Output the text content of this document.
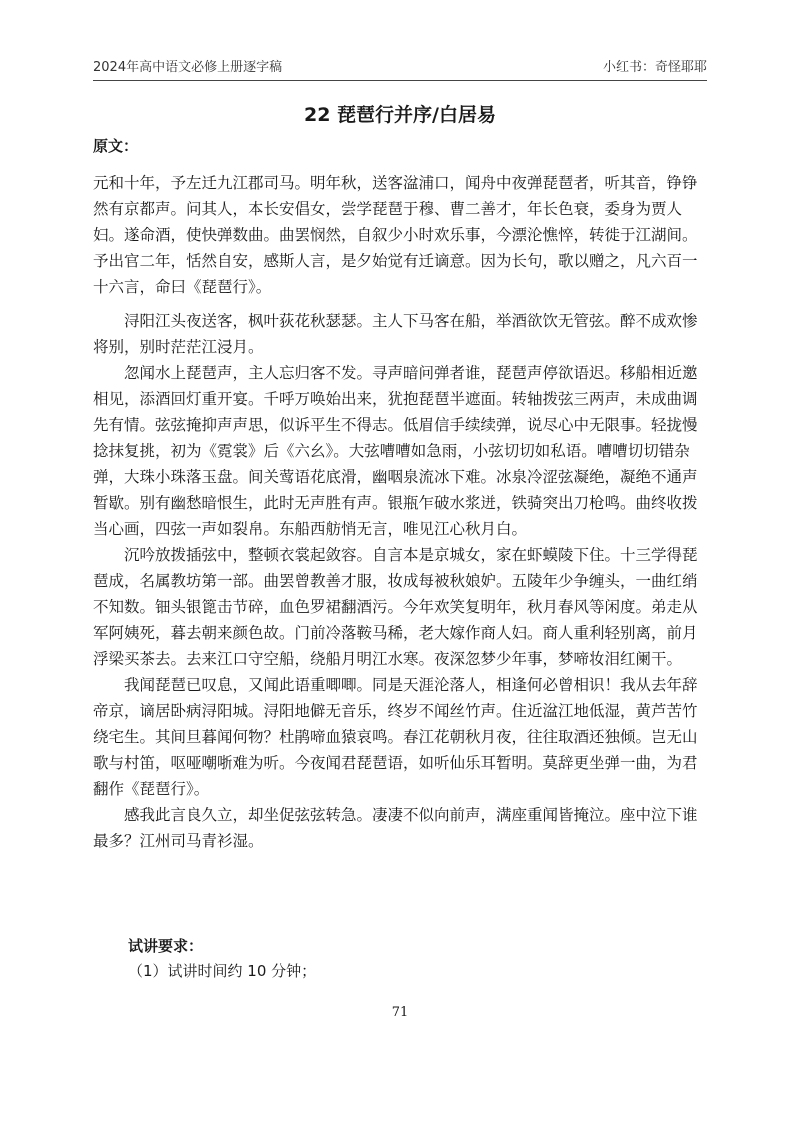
2024年高中语文必修上册逐字稿	小红书：奇怪耶耶
22 琵琶行并序/白居易
原文：
元和十年，予左迁九江郡司马。明年秋，送客湓浦口，闻舟中夜弹琵琶者，听其音，铮铮然有京都声。问其人，本长安倡女，尝学琵琶于穆、曹二善才，年长色衰，委身为贾人妇。遂命酒，使快弹数曲。曲罢悯然，自叙少小时欢乐事，今漂沦憔悴，转徙于江湖间。予出官二年，恬然自安，感斯人言，是夕始觉有迁谪意。因为长句，歌以赠之，凡六百一十六言，命曰《琵琶行》。

浔阳江头夜送客，枫叶荻花秋瑟瑟。主人下马客在船，举酒欲饮无管弦。醉不成欢惨将别，别时茫茫江浸月。

忽闻水上琵琶声，主人忘归客不发。寻声暗问弹者谁，琵琶声停欲语迟。移船相近邀相见，添酒回灯重开宴。千呼万唤始出来，犹抱琵琶半遮面。转轴拨弦三两声，未成曲调先有情。弦弦掩抑声声思，似诉平生不得志。低眉信手续续弹，说尽心中无限事。轻拢慢捻抹复挑，初为《霓裳》后《六幺》。大弦嘈嘈如急雨，小弦切切如私语。嘈嘈切切错杂弹，大珠小珠落玉盘。间关莺语花底滑，幽咽泉流冰下难。冰泉冷涩弦凝绝，凝绝不通声暂歇。别有幽愁暗恨生，此时无声胜有声。银瓶乍破水浆迸，铁骑突出刀枪鸣。曲终收拨当心画，四弦一声如裂帛。东船西舫悄无言，唯见江心秋月白。

沉吟放拨插弦中，整顿衣裳起敛容。自言本是京城女，家在虾蟆陵下住。十三学得琵琶成，名属教坊第一部。曲罢曾教善才服，妆成每被秋娘妒。五陵年少争缠头，一曲红绡不知数。钿头银篦击节碎，血色罗裙翻酒污。今年欢笑复明年，秋月春风等闲度。弟走从军阿姨死，暮去朝来颜色故。门前冷落鞍马稀，老大嫁作商人妇。商人重利轻别离，前月浮梁买茶去。去来江口守空船，绕船月明江水寒。夜深忽梦少年事，梦啼妆泪红阑干。

我闻琵琶已叹息，又闻此语重唧唧。同是天涯沦落人，相逢何必曾相识！我从去年辞帝京，谪居卧病浔阳城。浔阳地僻无音乐，终岁不闻丝竹声。住近湓江地低湿，黄芦苦竹绕宅生。其间旦暮闻何物？杜鹃啼血猿哀鸣。春江花朝秋月夜，往往取酒还独倾。岂无山歌与村笛，呕哑嘲哳难为听。今夜闻君琵琶语，如听仙乐耳暂明。莫辞更坐弹一曲，为君翻作《琵琶行》。

感我此言良久立，却坐促弦弦转急。凄凄不似向前声，满座重闻皆掩泣。座中泣下谁最多？江州司马青衫湿。

试讲要求：
（1）试讲时间约 10 分钟；
71
